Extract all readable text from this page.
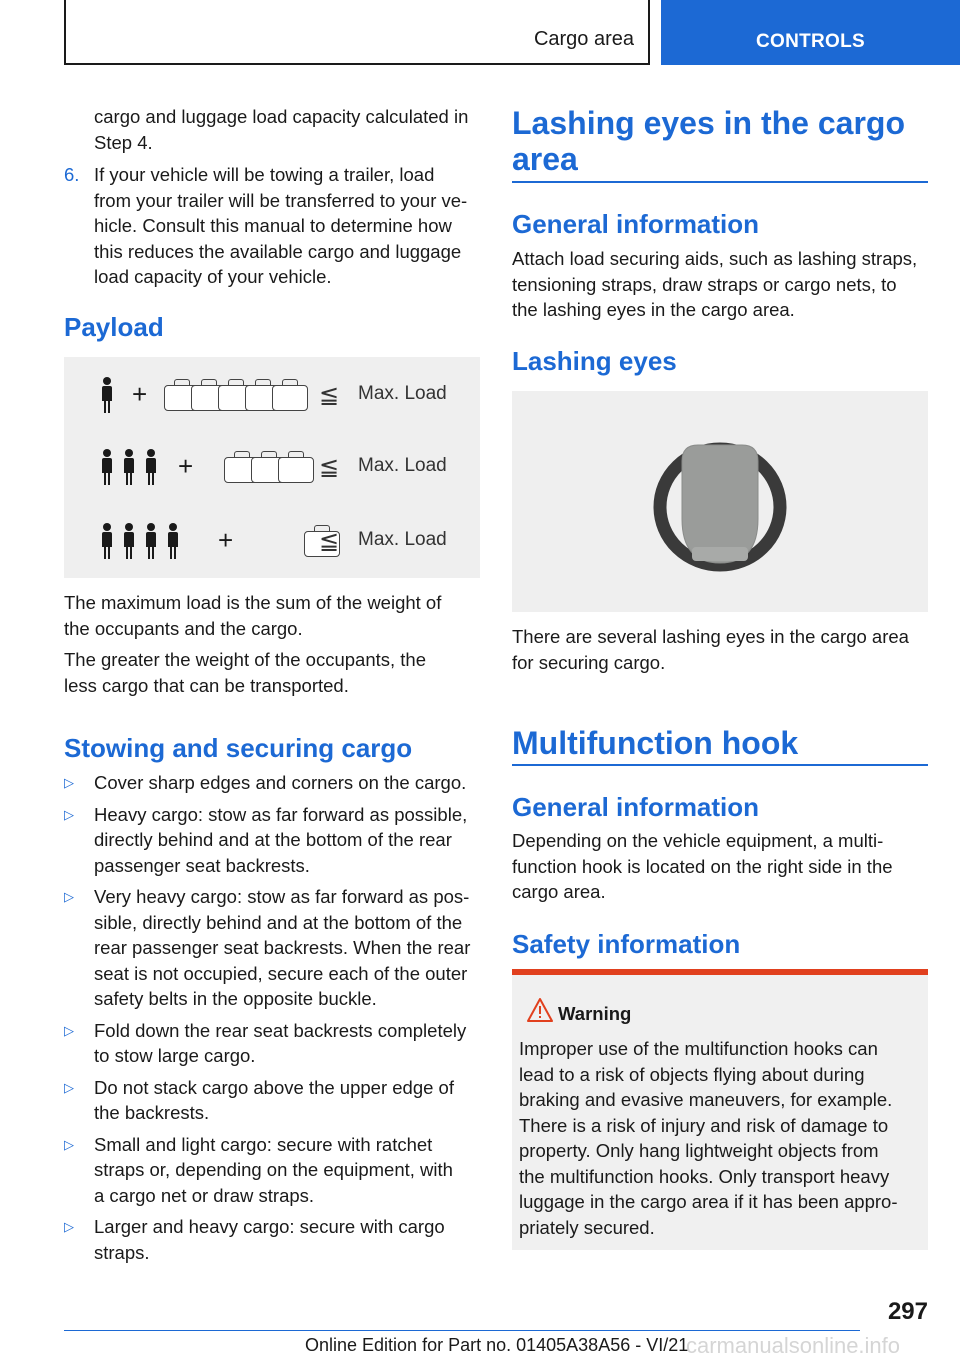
Cargo area	CONTROLS
cargo and luggage load capacity calculated in
Step 4.
6. If your vehicle will be towing a trailer, load
from your trailer will be transferred to your ve-
hicle. Consult this manual to determine how
this reduces the available cargo and luggage
load capacity of your vehicle.
Payload
+	≦ Max. Load
+	≦ Max. Load
+	≦ Max. Load
The maximum load is the sum of the weight of
the occupants and the cargo.
The greater the weight of the occupants, the
less cargo that can be transported.
Stowing and securing cargo
▷ Cover sharp edges and corners on the cargo.
▷ Heavy cargo: stow as far forward as possible,
directly behind and at the bottom of the rear
passenger seat backrests.
▷ Very heavy cargo: stow as far forward as pos-
sible, directly behind and at the bottom of the
rear passenger seat backrests. When the rear
seat is not occupied, secure each of the outer
safety belts in the opposite buckle.
▷ Fold down the rear seat backrests completely
to stow large cargo.
▷ Do not stack cargo above the upper edge of
the backrests.
▷ Small and light cargo: secure with ratchet
straps or, depending on the equipment, with
a cargo net or draw straps.
▷ Larger and heavy cargo: secure with cargo
straps.
Lashing eyes in the cargo
area
General information
Attach load securing aids, such as lashing straps,
tensioning straps, draw straps or cargo nets, to
the lashing eyes in the cargo area.
Lashing eyes
There are several lashing eyes in the cargo area
for securing cargo.
Multifunction hook
General information
Depending on the vehicle equipment, a multi-
function hook is located on the right side in the
cargo area.
Safety information
Warning
Improper use of the multifunction hooks can
lead to a risk of objects flying about during
braking and evasive maneuvers, for example.
There is a risk of injury and risk of damage to
property. Only hang lightweight objects from
the multifunction hooks. Only transport heavy
luggage in the cargo area if it has been appro-
priately secured.
297
Online Edition for Part no. 01405A38A56 - VI/21
carmanualsonline.info
